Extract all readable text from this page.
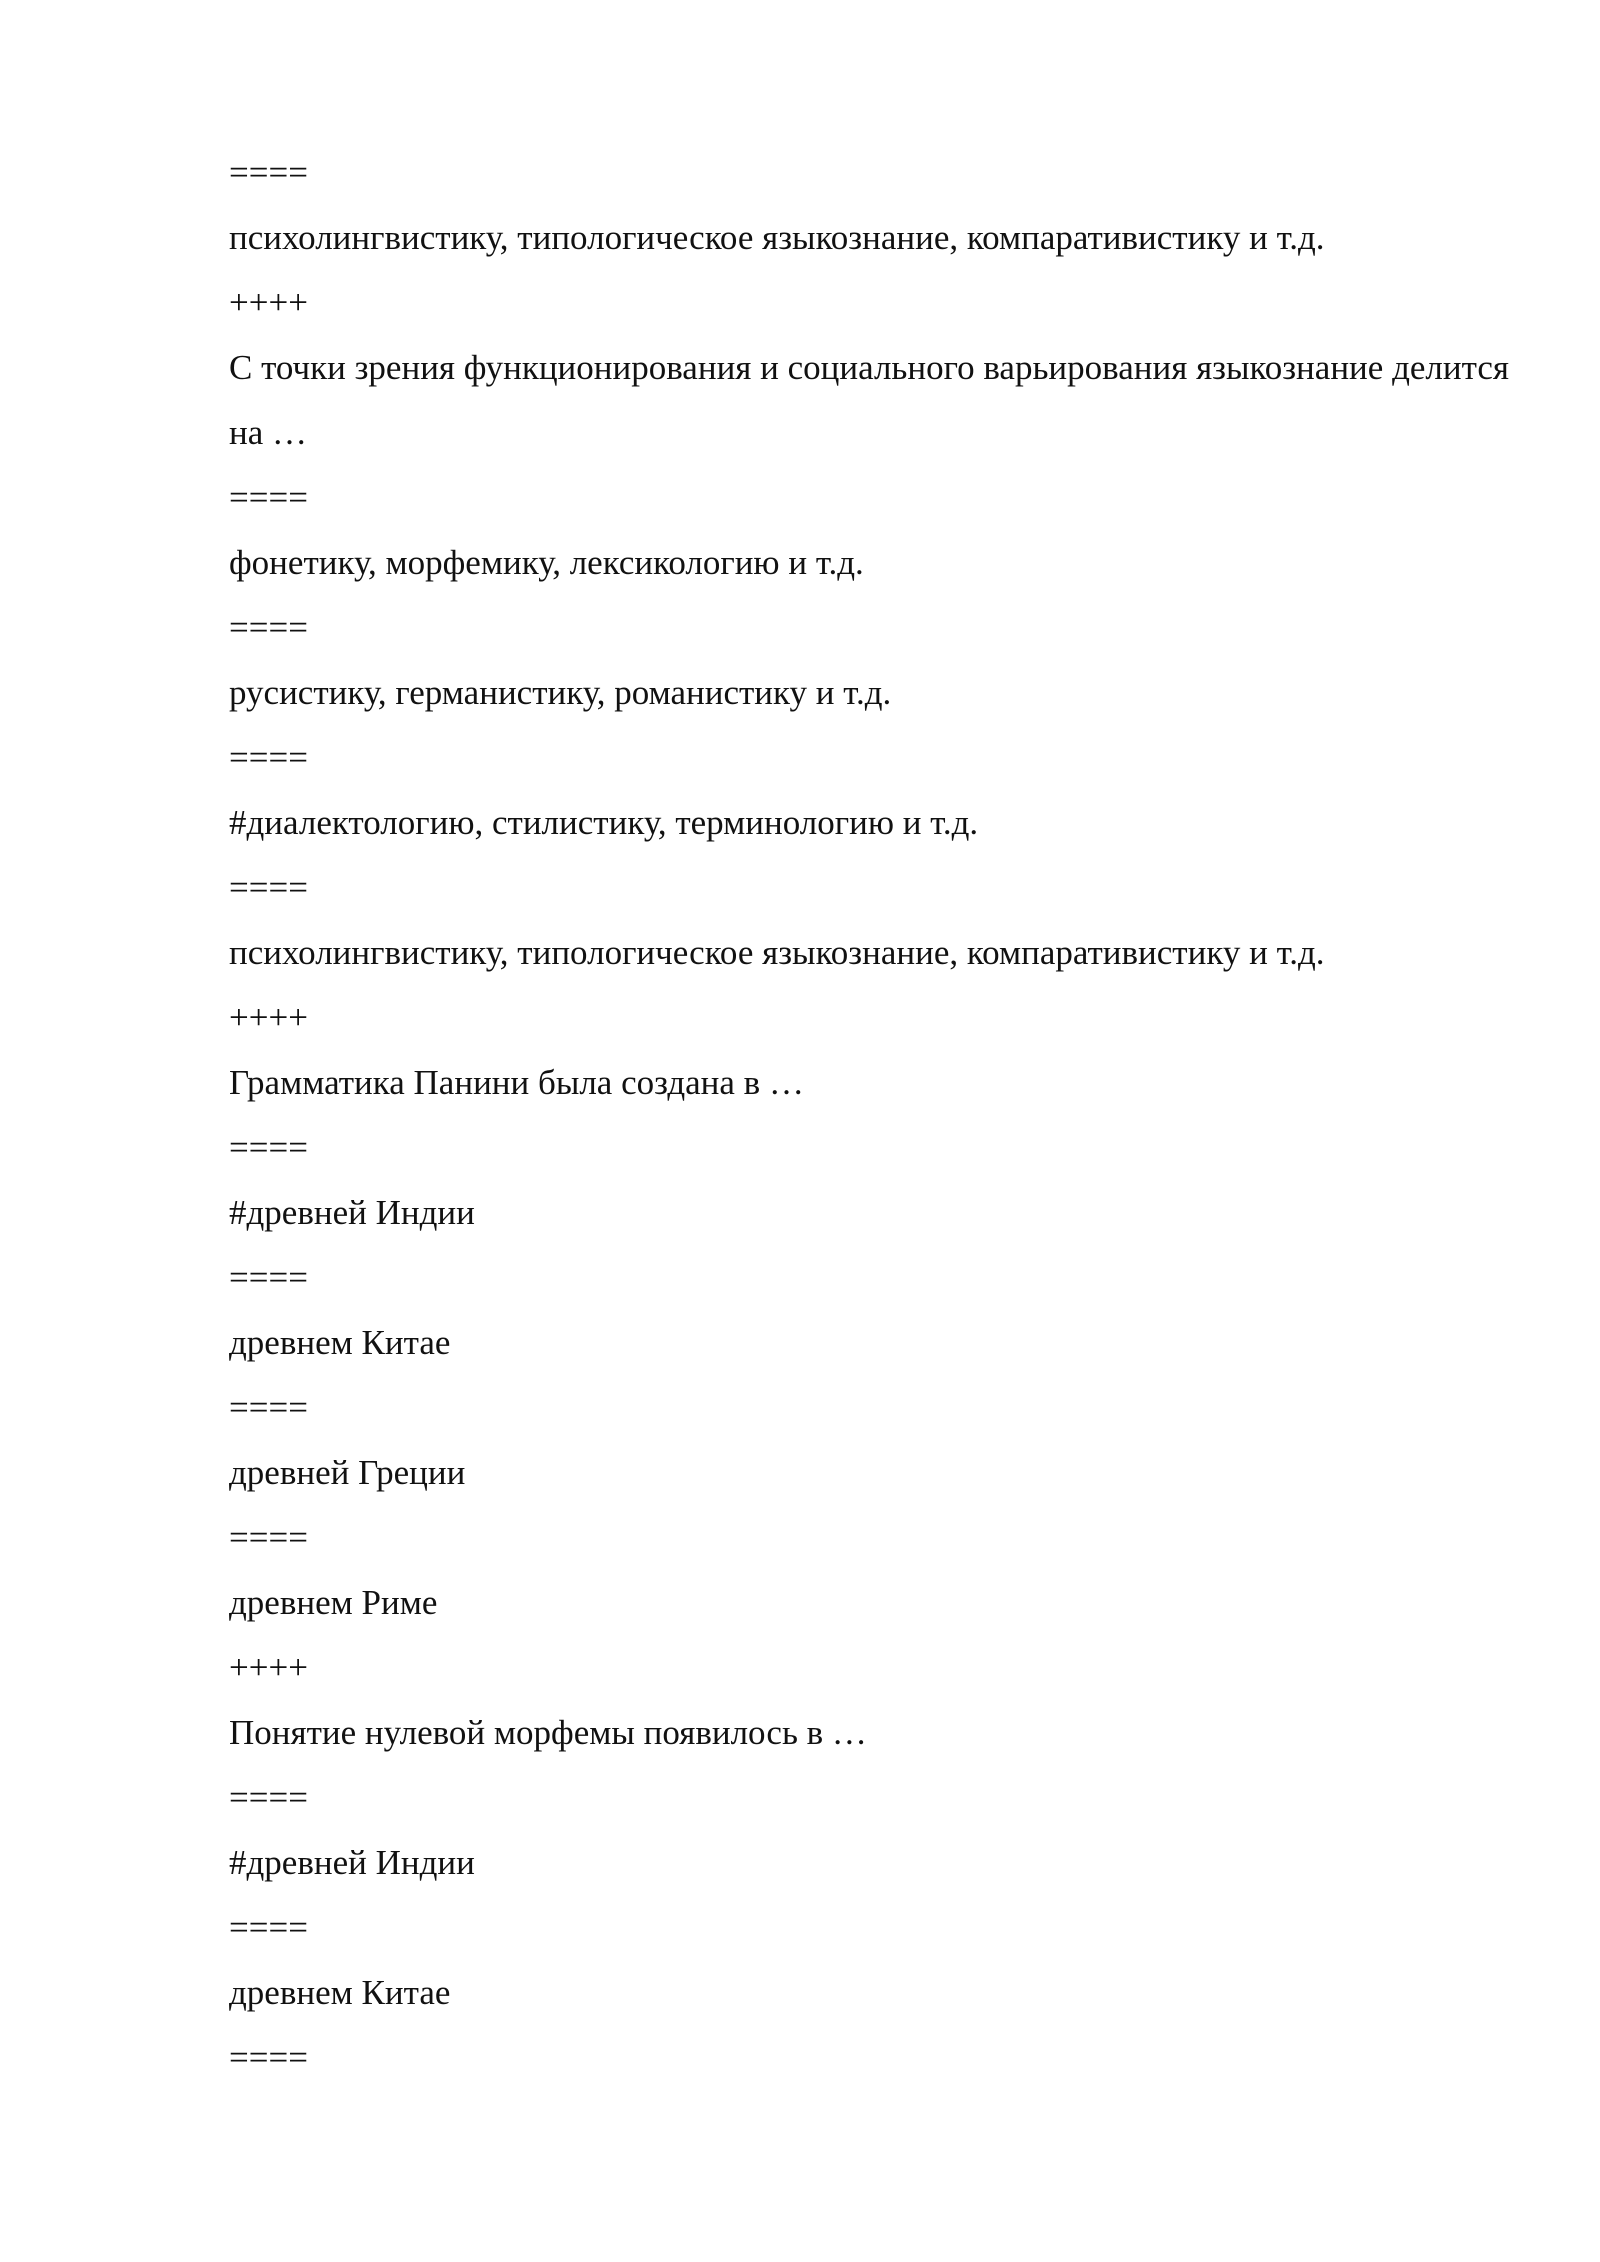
====
психолингвистику, типологическое языкознание, компаративистику и т.д.
++++
С точки зрения функционирования и социального варьирования языкознание делится на …
====
фонетику, морфемику, лексикологию и т.д.
====
русистику, германистику, романистику и т.д.
====
#диалектологию, стилистику, терминологию и т.д.
====
психолингвистику, типологическое языкознание, компаративистику и т.д.
++++
Грамматика Панини была создана в …
====
#древней Индии
====
древнем Китае
====
древней Греции
====
древнем Риме
++++
Понятие нулевой морфемы появилось в …
====
#древней Индии
====
древнем Китае
====
